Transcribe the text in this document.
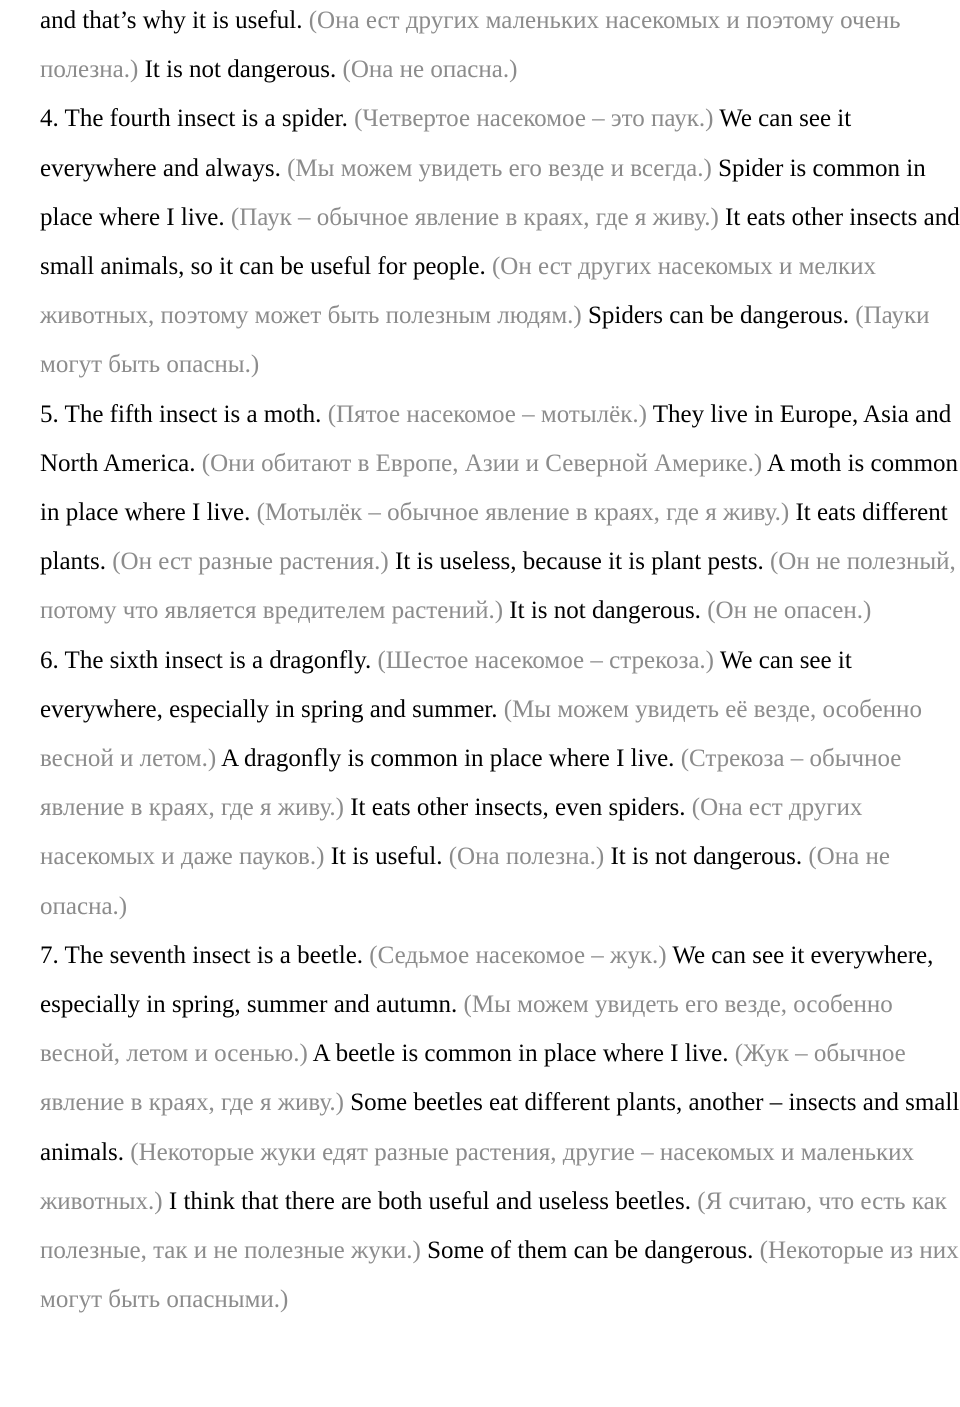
and that’s why it is useful. (Она ест других маленьких насекомых и поэтому очень полезна.) It is not dangerous. (Она не опасна.)

4. The fourth insect is a spider. (Четвертое насекомое – это паук.) We can see it everywhere and always. (Мы можем увидеть его везде и всегда.) Spider is common in place where I live. (Паук – обычное явление в краях, где я живу.) It eats other insects and small animals, so it can be useful for people. (Он ест других насекомых и мелких животных, поэтому может быть полезным людям.) Spiders can be dangerous. (Пауки могут быть опасны.)

5. The fifth insect is a moth. (Пятое насекомое – мотылёк.) They live in Europe, Asia and North America. (Они обитают в Европе, Азии и Северной Америке.) A moth is common in place where I live. (Мотылёк – обычное явление в краях, где я живу.) It eats different plants. (Он ест разные растения.) It is useless, because it is plant pests. (Он не полезный, потому что является вредителем растений.) It is not dangerous. (Он не опасен.)

6. The sixth insect is a dragonfly. (Шестое насекомое – стрекоза.) We can see it everywhere, especially in spring and summer. (Мы можем увидеть её везде, особенно весной и летом.) A dragonfly is common in place where I live. (Стрекоза – обычное явление в краях, где я живу.) It eats other insects, even spiders. (Она ест других насекомых и даже пауков.) It is useful. (Она полезна.) It is not dangerous. (Она не опасна.)

7. The seventh insect is a beetle. (Седьмое насекомое – жук.) We can see it everywhere, especially in spring, summer and autumn. (Мы можем увидеть его везде, особенно весной, летом и осенью.) A beetle is common in place where I live. (Жук – обычное явление в краях, где я живу.) Some beetles eat different plants, another – insects and small animals. (Некоторые жуки едят разные растения, другие – насекомых и маленьких животных.) I think that there are both useful and useless beetles. (Я считаю, что есть как полезные, так и не полезные жуки.) Some of them can be dangerous. (Некоторые из них могут быть опасными.)
